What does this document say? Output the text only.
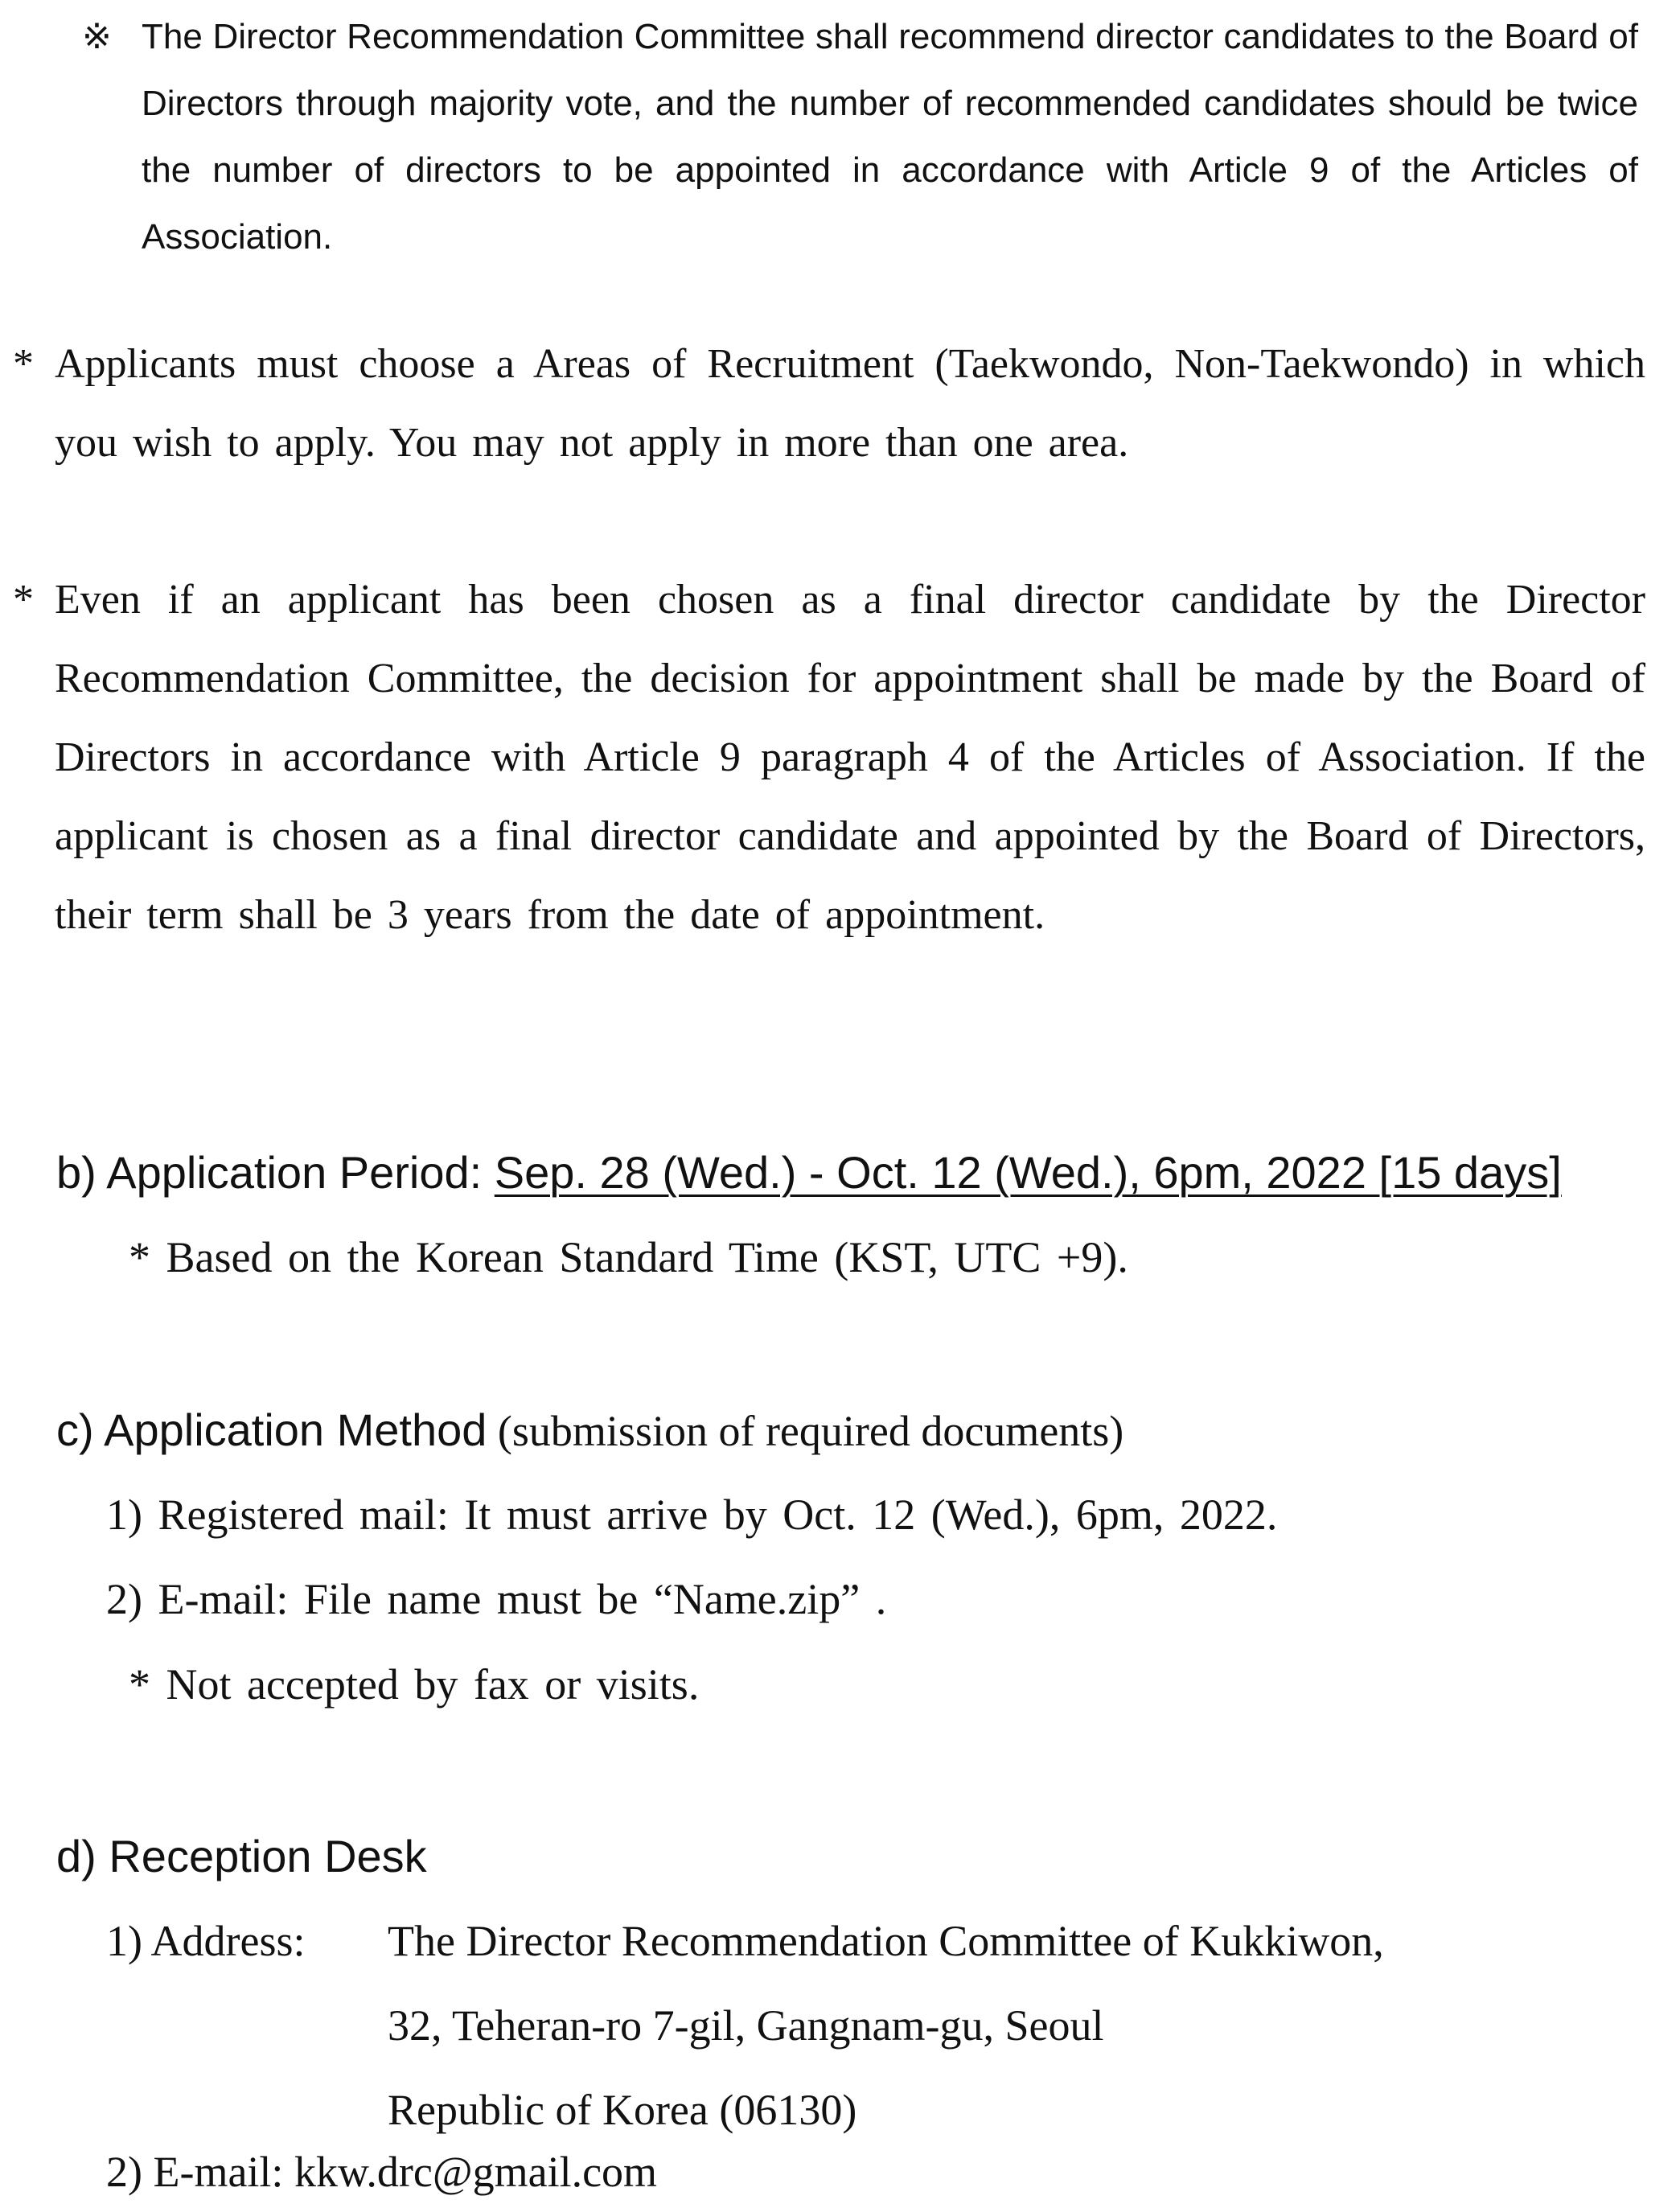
※ The Director Recommendation Committee shall recommend director candidates to the Board of Directors through majority vote, and the number of recommended candidates should be twice the number of directors to be appointed in accordance with Article 9 of the Articles of Association.
* Applicants must choose a Areas of Recruitment (Taekwondo, Non-Taekwondo) in which you wish to apply. You may not apply in more than one area.
* Even if an applicant has been chosen as a final director candidate by the Director Recommendation Committee, the decision for appointment shall be made by the Board of Directors in accordance with Article 9 paragraph 4 of the Articles of Association. If the applicant is chosen as a final director candidate and appointed by the Board of Directors, their term shall be 3 years from the date of appointment.
b) Application Period: Sep. 28 (Wed.) - Oct. 12 (Wed.), 6pm, 2022 [15 days]
* Based on the Korean Standard Time (KST, UTC +9).
c) Application Method (submission of required documents)
1) Registered mail: It must arrive by Oct. 12 (Wed.), 6pm, 2022.
2) E-mail: File name must be “Name.zip” .
* Not accepted by fax or visits.
d) Reception Desk
1) Address: The Director Recommendation Committee of Kukkiwon,
32, Teheran-ro 7-gil, Gangnam-gu, Seoul
Republic of Korea (06130)
2) E-mail: kkw.drc@gmail.com
